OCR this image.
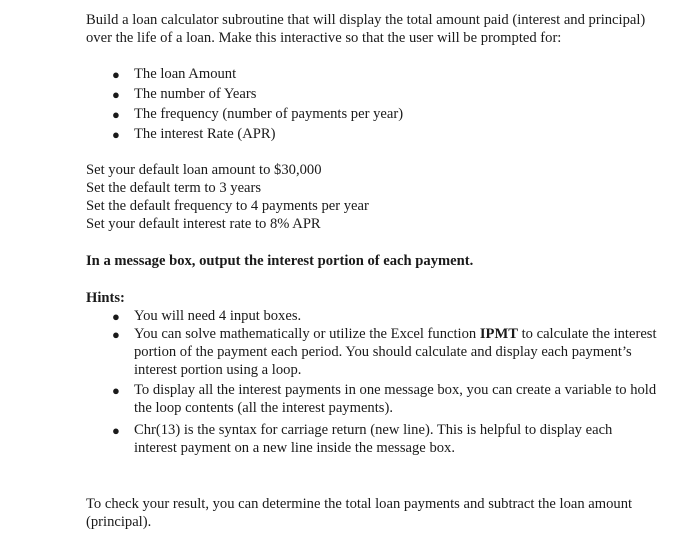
Build a loan calculator subroutine that will display the total amount paid (interest and principal)
over the life of a loan. Make this interactive so that the user will be prompted for:
● The loan Amount
● The number of Years
● The frequency (number of payments per year)
● The interest Rate (APR)
Set your default loan amount to $30,000
Set the default term to 3 years
Set the default frequency to 4 payments per year
Set your default interest rate to 8% APR
In a message box, output the interest portion of each payment.
Hints:
● You will need 4 input boxes.
● You can solve mathematically or utilize the Excel function IPMT to calculate the interest
portion of the payment each period. You should calculate and display each payment’s
interest portion using a loop.
● To display all the interest payments in one message box, you can create a variable to hold
the loop contents (all the interest payments).
● Chr(13) is the syntax for carriage return (new line). This is helpful to display each
interest payment on a new line inside the message box.
To check your result, you can determine the total loan payments and subtract the loan amount
(principal).
